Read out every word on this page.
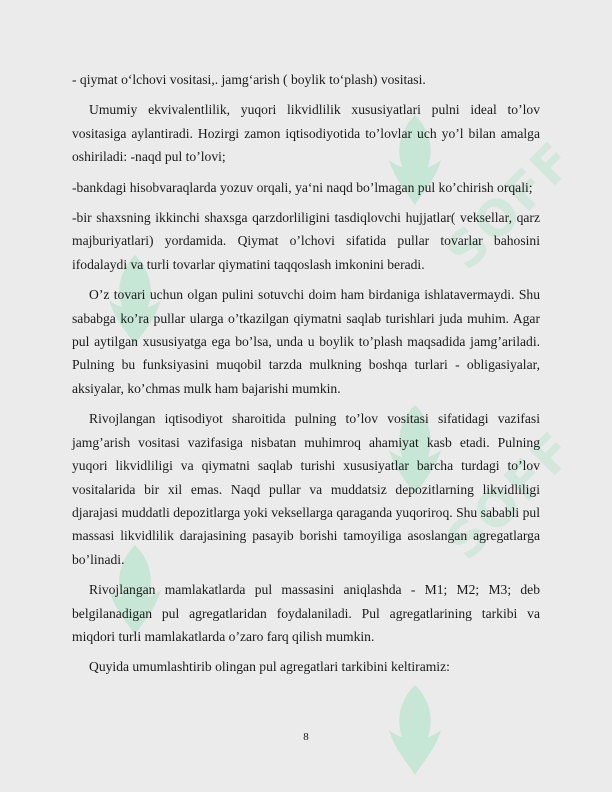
SOFF
SOFF

- qiymat o‘lchovi vositasi,. jamg‘arish ( boylik to‘plash) vositasi.

Umumiy ekvivalentlilik, yuqori likvidlilik xususiyatlari pulni ideal to’lov vositasiga aylantiradi. Hozirgi zamon iqtisodiyotida to’lovlar uch yo’l bilan amalga oshiriladi: -naqd pul to’lovi;

-bankdagi hisobvaraqlarda yozuv orqali, ya‘ni naqd bo’lmagan pul ko’chirish orqali;

-bir shaxsning ikkinchi shaxsga qarzdorliligini tasdiqlovchi hujjatlar( veksellar, qarz majburiyatlari) yordamida. Qiymat o’lchovi sifatida pullar tovarlar bahosini ifodalaydi va turli tovarlar qiymatini taqqoslash imkonini beradi.

O’z tovari uchun olgan pulini sotuvchi doim ham birdaniga ishlatavermaydi. Shu sababga ko’ra pullar ularga o’tkazilgan qiymatni saqlab turishlari juda muhim. Agar pul aytilgan xususiyatga ega bo’lsa, unda u boylik to’plash maqsadida jamg’ariladi. Pulning bu funksiyasini muqobil tarzda mulkning boshqa turlari - obligasiyalar, aksiyalar, ko’chmas mulk ham bajarishi mumkin.

Rivojlangan iqtisodiyot sharoitida pulning to’lov vositasi sifatidagi vazifasi jamg’arish vositasi vazifasiga nisbatan muhimroq ahamiyat kasb etadi. Pulning yuqori likvidliligi va qiymatni saqlab turishi xususiyatlar barcha turdagi to’lov vositalarida bir xil emas. Naqd pullar va muddatsiz depozitlarning likvidliligi djarajasi muddatli depozitlarga yoki veksellarga qaraganda yuqoriroq. Shu sababli pul massasi likvidlilik darajasining pasayib borishi tamoyiliga asoslangan agregatlarga bo’linadi.

Rivojlangan mamlakatlarda pul massasini aniqlashda - M1; M2; M3; deb belgilanadigan pul agregatlaridan foydalaniladi. Pul agregatlarining tarkibi va miqdori turli mamlakatlarda o’zaro farq qilish mumkin.

Quyida umumlashtirib olingan pul agregatlari tarkibini keltiramiz:

8
